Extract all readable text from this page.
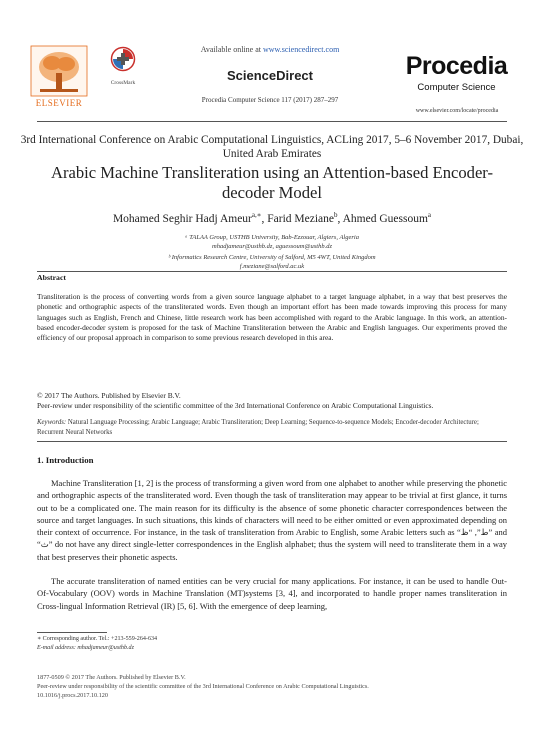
ELSEVIER
CrossMark
Available online at www.sciencedirect.com
ScienceDirect
Procedia Computer Science 117 (2017) 287–297
Procedia
Computer Science
www.elsevier.com/locate/procedia
3rd International Conference on Arabic Computational Linguistics, ACLing 2017, 5–6 November 2017, Dubai, United Arab Emirates
Arabic Machine Transliteration using an Attention-based Encoder-decoder Model
Mohamed Seghir Hadj Ameur$^{a,∗}$, Farid Meziane$^b$, Ahmed Guessoum$^a$
ᵃ TALAA Group, USTHB University, Bab-Ezzouar, Algiers, Algeria
mhadjameur@usthb.dz, aguessoum@usthb.dz
ᵇ Informatics Research Centre, University of Salford, M5 4WT, United Kingdom
f.meziane@salford.ac.uk
Abstract
Transliteration is the process of converting words from a given source language alphabet to a target language alphabet, in a way that best preserves the phonetic and orthographic aspects of the transliterated words. Even though an important effort has been made towards improving this process for many languages such as English, French and Chinese, little research work has been accomplished with regard to the Arabic language. In this work, an attention-based encoder-decoder system is proposed for the task of Machine Transliteration between the Arabic and English languages. Our experiments proved the efficiency of our proposal approach in comparison to some previous research developed in this area.
© 2017 The Authors. Published by Elsevier B.V.
Peer-review under responsibility of the scientific committee of the 3rd International Conference on Arabic Computational Linguistics.
Keywords: Natural Language Processing; Arabic Language; Arabic Transliteration; Deep Learning; Sequence-to-sequence Models; Encoder-decoder Architecture; Recurrent Neural Networks
1. Introduction
Machine Transliteration [1, 2] is the process of transforming a given word from one alphabet to another while preserving the phonetic and orthographic aspects of the transliterated word. Even though the task of transliteration may appear to be trivial at first glance, it turns out to be a complicated one. The main reason for its difficulty is the absence of some phonetic character correspondences between the source and target languages. In such situations, this kinds of characters will need to be either omitted or even approximated depending on their context of occurrence. For instance, in the task of transliteration from Arabic to English, some Arabic letters such as “ط”, “ظ” and “ث” do not have any direct single-letter correspondences in the English alphabet; thus the system will need to transliterate them in a way that best preserves their phonetic aspects.
The accurate transliteration of named entities can be very crucial for many applications. For instance, it can be used to handle Out-Of-Vocabulary (OOV) words in Machine Translation (MT)systems [3, 4], and incorporated to handle proper names transliteration in Cross-lingual Information Retrieval (IR) [5, 6]. With the emergence of deep learning,
∗ Corresponding author. Tel.: +213-559-264-634
E-mail address: mhadjameur@usthb.dz
1877-0509 © 2017 The Authors. Published by Elsevier B.V.
Peer-review under responsibility of the scientific committee of the 3rd International Conference on Arabic Computational Linguistics.
10.1016/j.procs.2017.10.120
